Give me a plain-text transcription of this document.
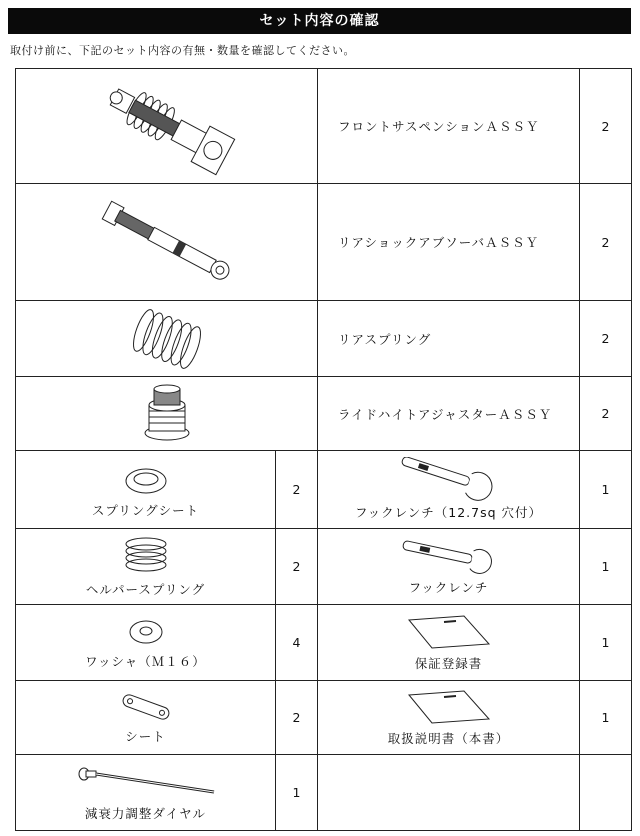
セット内容の確認
取付け前に、下記のセット内容の有無・数量を確認してください。
	フロントサスペンションＡＳＳＹ	2

	リアショックアブソーバＡＳＳＹ	2

	リアスプリング	2

	ライドハイトアジャスターＡＳＳＹ	2

スプリングシート	2	フックレンチ（12.7sq 穴付）	1

ヘルパースプリング	2	フックレンチ	1

ワッシャ（Ｍ１６）	4	保証登録書	1

シート	2	取扱説明書（本書）	1

減衰力調整ダイヤル	1	
